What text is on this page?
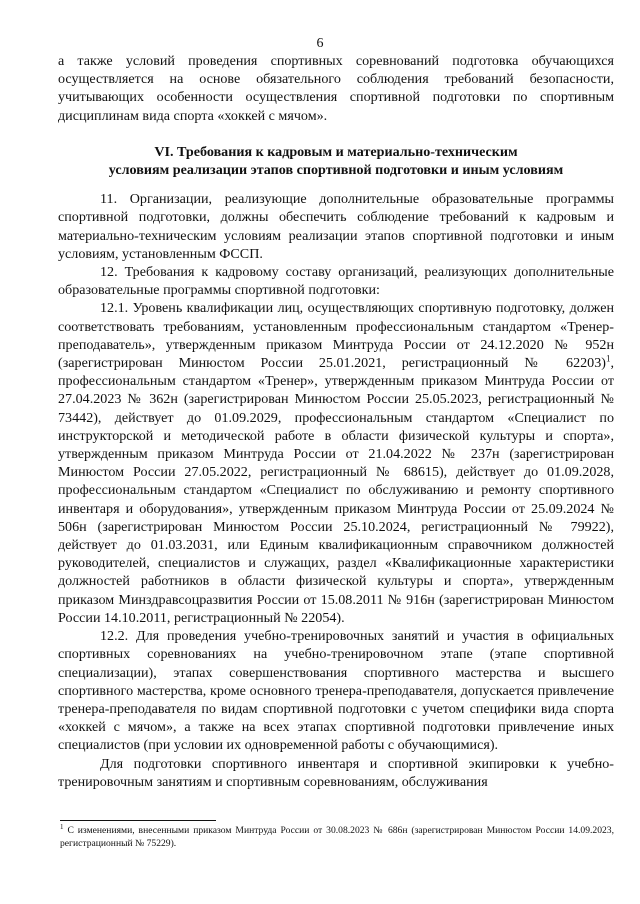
6

а также условий проведения спортивных соревнований подготовка обучающихся осуществляется на основе обязательного соблюдения требований безопасности, учитывающих особенности осуществления спортивной подготовки по спортивным дисциплинам вида спорта «хоккей с мячом».

VI. Требования к кадровым и материально-техническим
условиям реализации этапов спортивной подготовки и иным условиям

11. Организации, реализующие дополнительные образовательные программы спортивной подготовки, должны обеспечить соблюдение требований к кадровым и материально-техническим условиям реализации этапов спортивной подготовки и иным условиям, установленным ФССП.

12. Требования к кадровому составу организаций, реализующих дополнительные образовательные программы спортивной подготовки:

12.1. Уровень квалификации лиц, осуществляющих спортивную подготовку, должен соответствовать требованиям, установленным профессиональным стандартом «Тренер-преподаватель», утвержденным приказом Минтруда России от 24.12.2020 № 952н (зарегистрирован Минюстом России 25.01.2021, регистрационный № 62203)$^1$, профессиональным стандартом «Тренер», утвержденным приказом Минтруда России от 27.04.2023 № 362н (зарегистрирован Минюстом России 25.05.2023, регистрационный № 73442), действует до 01.09.2029, профессиональным стандартом «Специалист по инструкторской и методической работе в области физической культуры и спорта», утвержденным приказом Минтруда России от 21.04.2022 № 237н (зарегистрирован Минюстом России 27.05.2022, регистрационный № 68615), действует до 01.09.2028, профессиональным стандартом «Специалист по обслуживанию и ремонту спортивного инвентаря и оборудования», утвержденным приказом Минтруда России от 25.09.2024 № 506н (зарегистрирован Минюстом России 25.10.2024, регистрационный № 79922), действует до 01.03.2031, или Единым квалификационным справочником должностей руководителей, специалистов и служащих, раздел «Квалификационные характеристики должностей работников в области физической культуры и спорта», утвержденным приказом Минздравсоцразвития России от 15.08.2011 № 916н (зарегистрирован Минюстом России 14.10.2011, регистрационный № 22054).

12.2. Для проведения учебно-тренировочных занятий и участия в официальных спортивных соревнованиях на учебно-тренировочном этапе (этапе спортивной специализации), этапах совершенствования спортивного мастерства и высшего спортивного мастерства, кроме основного тренера-преподавателя, допускается привлечение тренера-преподавателя по видам спортивной подготовки с учетом специфики вида спорта «хоккей с мячом», а также на всех этапах спортивной подготовки привлечение иных специалистов (при условии их одновременной работы с обучающимися).

Для подготовки спортивного инвентаря и спортивной экипировки к учебно-тренировочным занятиям и спортивным соревнованиям, обслуживания

$^1$ С изменениями, внесенными приказом Минтруда России от 30.08.2023 № 686н (зарегистрирован Минюстом России 14.09.2023, регистрационный № 75229).
